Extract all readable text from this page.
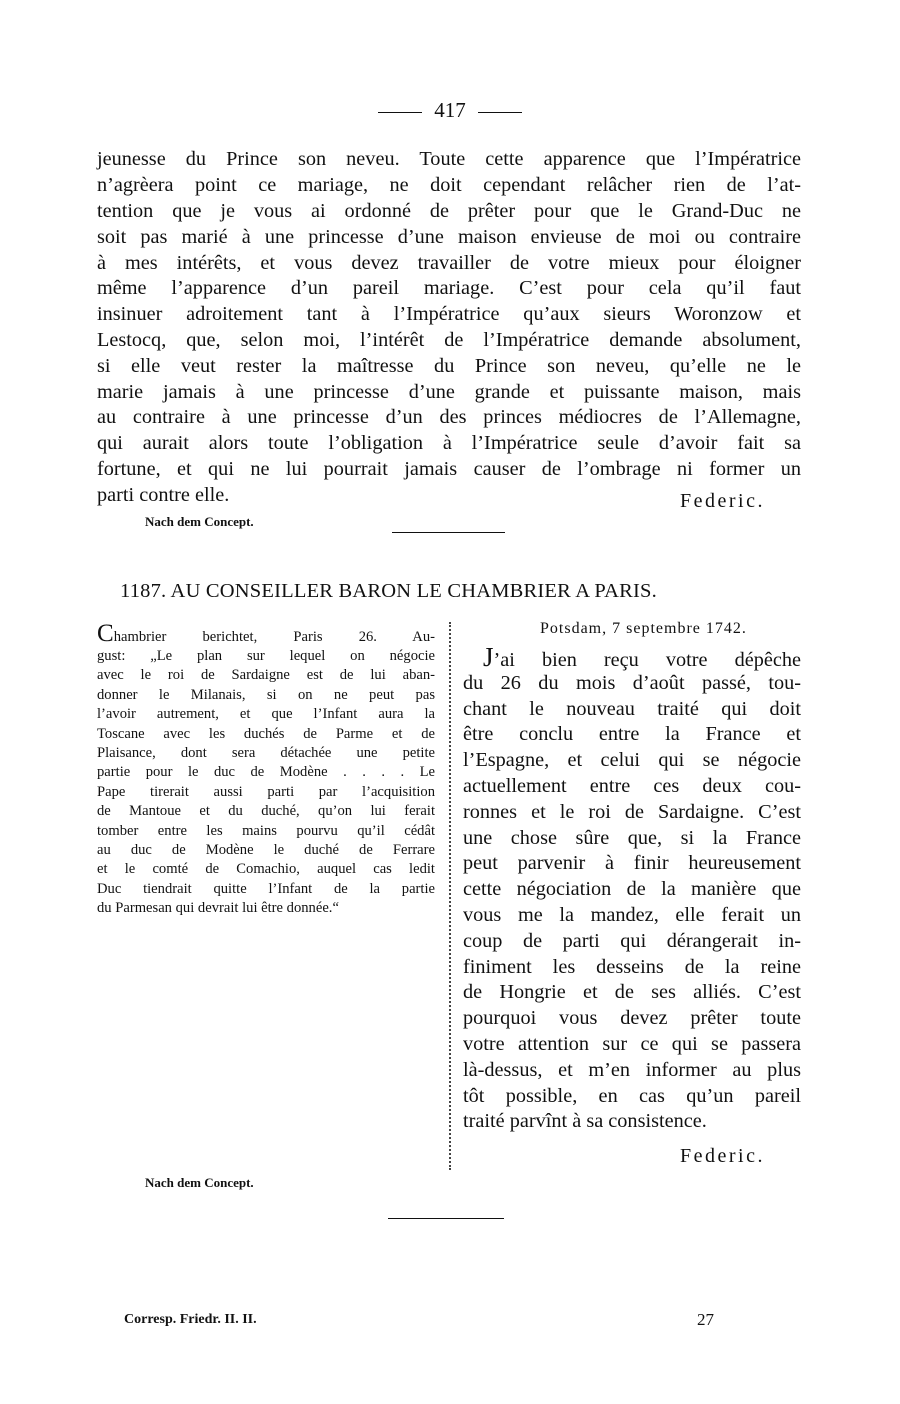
417
jeunesse du Prince son neveu. Toute cette apparence que l’Impératrice
n’agrèera point ce mariage, ne doit cependant relâcher rien de l’at-
tention que je vous ai ordonné de prêter pour que le Grand-Duc ne
soit pas marié à une princesse d’une maison envieuse de moi ou contraire
à mes intérêts, et vous devez travailler de votre mieux pour éloigner
même l’apparence d’un pareil mariage. C’est pour cela qu’il faut
insinuer adroitement tant à l’Impératrice qu’aux sieurs Woronzow et
Lestocq, que, selon moi, l’intérêt de l’Impératrice demande absolument,
si elle veut rester la maîtresse du Prince son neveu, qu’elle ne le
marie jamais à une princesse d’une grande et puissante maison, mais
au contraire à une princesse d’un des princes médiocres de l’Allemagne,
qui aurait alors toute l’obligation à l’Impératrice seule d’avoir fait sa
fortune, et qui ne lui pourrait jamais causer de l’ombrage ni former un
parti contre elle.	Federic.
Nach dem Concept.
1187. AU CONSEILLER BARON LE CHAMBRIER A PARIS.
Chambrier berichtet, Paris 26. Au-
gust: „Le plan sur lequel on négocie
avec le roi de Sardaigne est de lui aban-
donner le Milanais, si on ne peut pas
l’avoir autrement, et que l’Infant aura la
Toscane avec les duchés de Parme et de
Plaisance, dont sera détachée une petite
partie pour le duc de Modène . . . . Le
Pape tirerait aussi parti par l’acquisition
de Mantoue et du duché, qu’on lui ferait
tomber entre les mains pourvu qu’il cédât
au duc de Modène le duché de Ferrare
et le comté de Comachio, auquel cas ledit
Duc tiendrait quitte l’Infant de la partie
du Parmesan qui devrait lui être donnée.“
Potsdam, 7 septembre 1742.
J’ai bien reçu votre dépêche
du 26 du mois d’août passé, tou-
chant le nouveau traité qui doit
être conclu entre la France et
l’Espagne, et celui qui se négocie
actuellement entre ces deux cou-
ronnes et le roi de Sardaigne. C’est
une chose sûre que, si la France
peut parvenir à finir heureusement
cette négociation de la manière que
vous me la mandez, elle ferait un
coup de parti qui dérangerait in-
finiment les desseins de la reine
de Hongrie et de ses alliés. C’est
pourquoi vous devez prêter toute
votre attention sur ce qui se passera
là-dessus, et m’en informer au plus
tôt possible, en cas qu’un pareil
traité parvînt à sa consistence.
Federic.
Nach dem Concept.
Corresp. Friedr. II. II.	27
